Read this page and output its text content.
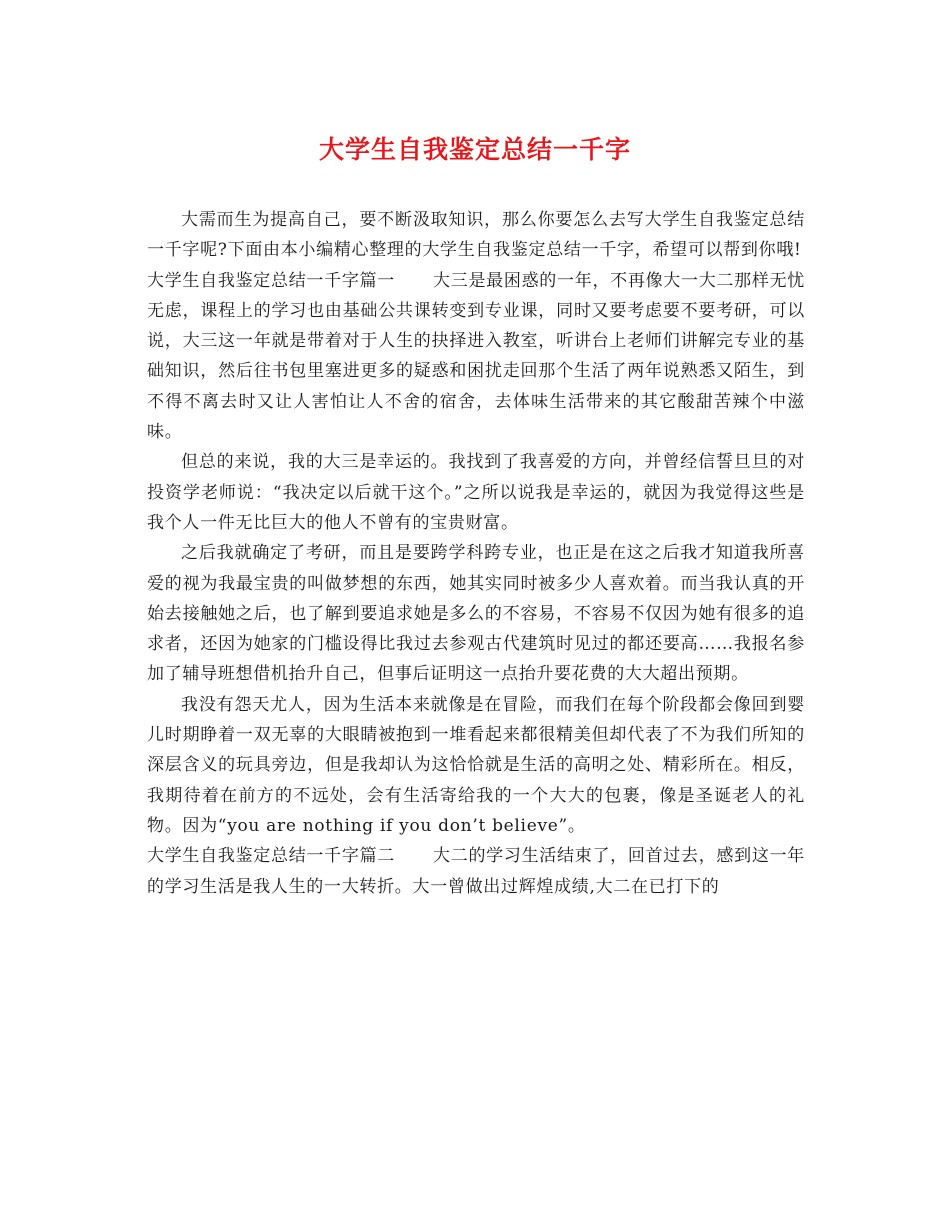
大学生自我鉴定总结一千字

大需而生为提高自己，要不断汲取知识，那么你要怎么去写大学生自我鉴定总结一千字呢?下面由本小编精心整理的大学生自我鉴定总结一千字，希望可以帮到你哦!

大学生自我鉴定总结一千字篇一 大三是最困惑的一年，不再像大一大二那样无忧无虑，课程上的学习也由基础公共课转变到专业课，同时又要考虑要不要考研，可以说，大三这一年就是带着对于人生的抉择进入教室，听讲台上老师们讲解完专业的基础知识，然后往书包里塞进更多的疑惑和困扰走回那个生活了两年说熟悉又陌生，到不得不离去时又让人害怕让人不舍的宿舍，去体味生活带来的其它酸甜苦辣个中滋味。

但总的来说，我的大三是幸运的。我找到了我喜爱的方向，并曾经信誓旦旦的对投资学老师说：“我决定以后就干这个。”之所以说我是幸运的，就因为我觉得这些是我个人一件无比巨大的他人不曾有的宝贵财富。

之后我就确定了考研，而且是要跨学科跨专业，也正是在这之后我才知道我所喜爱的视为我最宝贵的叫做梦想的东西，她其实同时被多少人喜欢着。而当我认真的开始去接触她之后，也了解到要追求她是多么的不容易，不容易不仅因为她有很多的追求者，还因为她家的门槛设得比我过去参观古代建筑时见过的都还要高……我报名参加了辅导班想借机抬升自己，但事后证明这一点抬升要花费的大大超出预期。

我没有怨天尤人，因为生活本来就像是在冒险，而我们在每个阶段都会像回到婴儿时期睁着一双无辜的大眼睛被抱到一堆看起来都很精美但却代表了不为我们所知的深层含义的玩具旁边，但是我却认为这恰恰就是生活的高明之处、精彩所在。相反，我期待着在前方的不远处，会有生活寄给我的一个大大的包裹，像是圣诞老人的礼物。因为“you are nothing if you don’t believe”。

大学生自我鉴定总结一千字篇二 大二的学习生活结束了，回首过去，感到这一年的学习生活是我人生的一大转折。大一曾做出过辉煌成绩,大二在已打下的
